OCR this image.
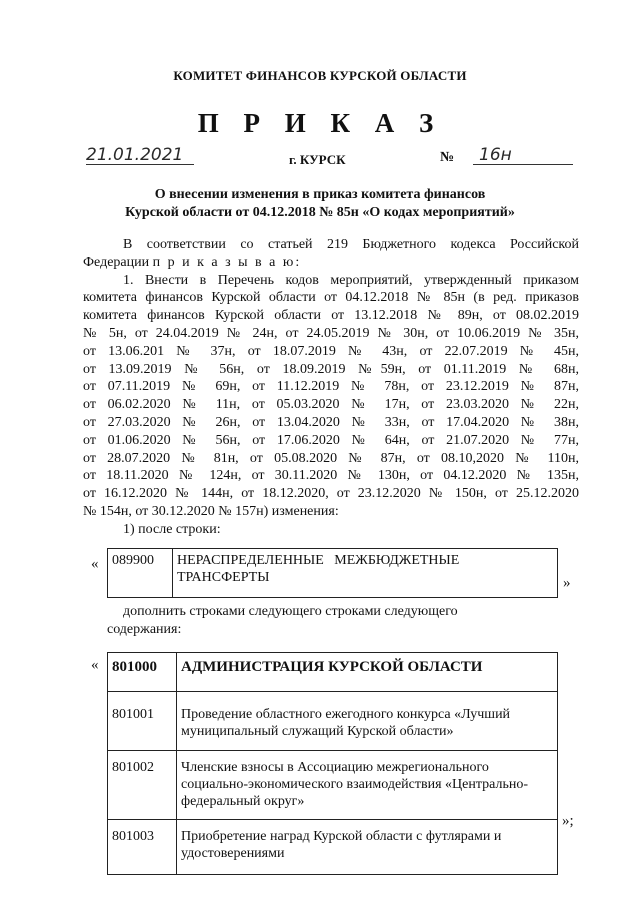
КОМИТЕТ ФИНАНСОВ КУРСКОЙ ОБЛАСТИ
П Р И К А З
21.01.2021	г. КУРСК	№	16н
О внесении изменения в приказ комитета финансов
Курской области от 04.12.2018 № 85н «О кодах мероприятий»
В соответствии со статьей 219 Бюджетного кодекса Российской
Федерации п р и к а з ы в а ю:
1. Внести в Перечень кодов мероприятий, утвержденный приказом
комитета финансов Курской области от 04.12.2018 № 85н (в ред. приказов
комитета финансов Курской области от 13.12.2018 № 89н, от 08.02.2019
№ 5н, от 24.04.2019 № 24н, от 24.05.2019 № 30н, от 10.06.2019 № 35н,
от 13.06.201 № 37н, от 18.07.2019 № 43н, от 22.07.2019 № 45н,
от 13.09.2019 № 56н, от 18.09.2019 №59н, от 01.11.2019 № 68н,
от 07.11.2019 № 69н, от 11.12.2019 № 78н, от 23.12.2019 № 87н,
от 06.02.2020 № 11н, от 05.03.2020 № 17н, от 23.03.2020 № 22н,
от 27.03.2020 № 26н, от 13.04.2020 № 33н, от 17.04.2020 № 38н,
от 01.06.2020 № 56н, от 17.06.2020 № 64н, от 21.07.2020 № 77н,
от 28.07.2020 № 81н, от 05.08.2020 № 87н, от 08.10,2020 № 110н,
от 18.11.2020 № 124н, от 30.11.2020 № 130н, от 04.12.2020 № 135н,
от 16.12.2020 № 144н, от 18.12.2020, от 23.12.2020 № 150н, от 25.12.2020
№ 154н, от 30.12.2020 № 157н) изменения:
1) после строки:
« 089900	НЕРАСПРЕДЕЛЕННЫЕ   МЕЖБЮДЖЕТНЫЕ
ТРАНСФЕРТЫ	»
дополнить строками следующего строками следующего
содержания:
« 801000	АДМИНИСТРАЦИЯ КУРСКОЙ ОБЛАСТИ

801001	Проведение областного ежегодного конкурса «Лучший
муниципальный служащий Курской области»

801002	Членские взносы в Ассоциацию межрегионального
социально-экономического взаимодействия «Центрально-
федеральный округ»

801003	Приобретение наград Курской области с футлярами и
удостоверениями
»;
